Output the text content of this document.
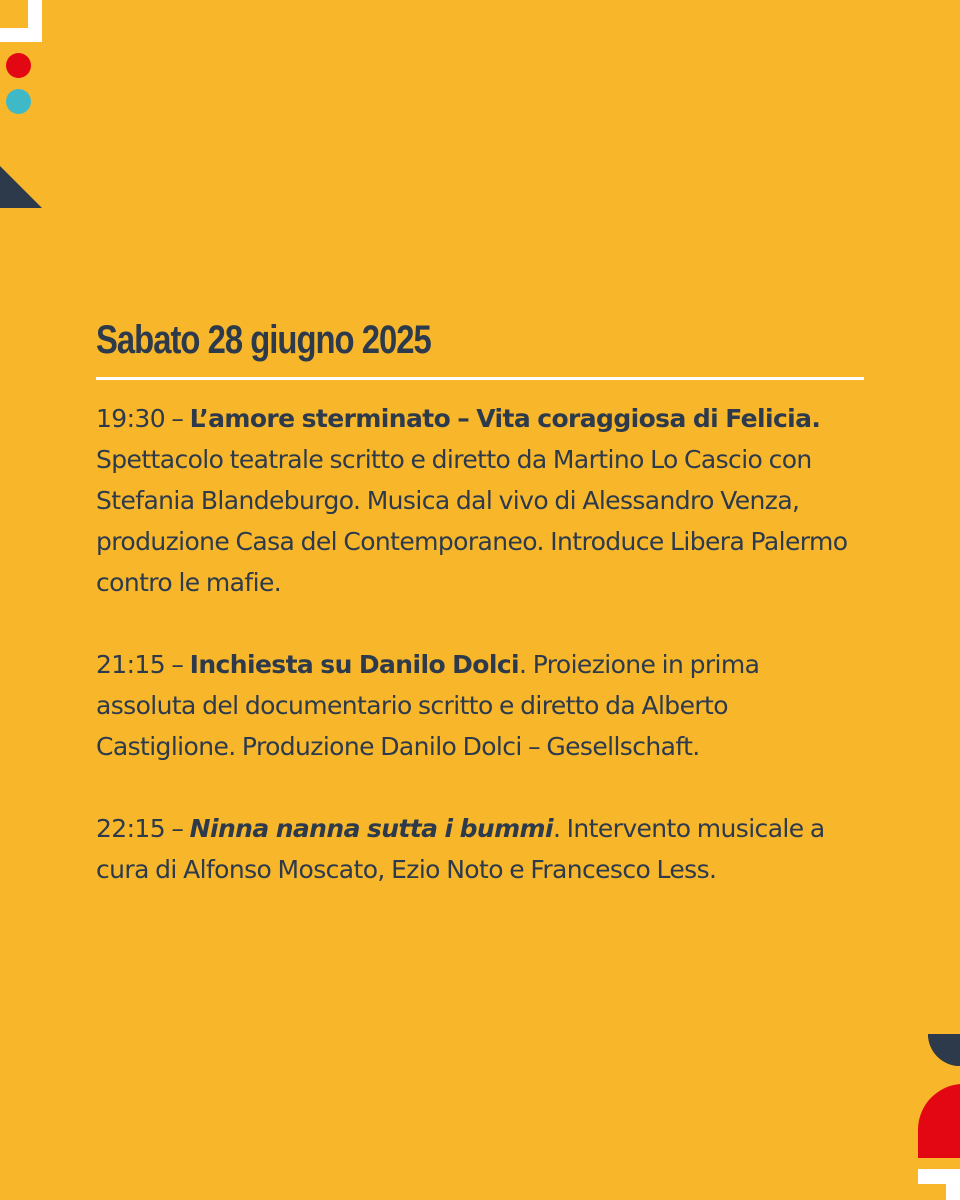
Sabato 28 giugno 2025

19:30 – L’amore sterminato – Vita coraggiosa di Felicia. Spettacolo teatrale scritto e diretto da Martino Lo Cascio con Stefania Blandeburgo. Musica dal vivo di Alessandro Venza, produzione Casa del Contemporaneo. Introduce Libera Palermo contro le mafie.

21:15 – Inchiesta su Danilo Dolci. Proiezione in prima assoluta del documentario scritto e diretto da Alberto Castiglione. Produzione Danilo Dolci – Gesellschaft.

22:15 – Ninna nanna sutta i bummi. Intervento musicale a cura di Alfonso Moscato, Ezio Noto e Francesco Less.
